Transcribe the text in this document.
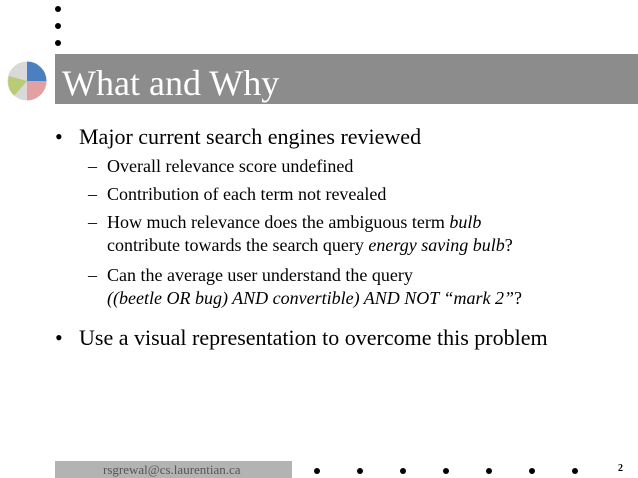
What and Why
• Major current search engines reviewed
– Overall relevance score undefined
– Contribution of each term not revealed
– How much relevance does the ambiguous term bulb
contribute towards the search query energy saving bulb?
– Can the average user understand the query
((beetle OR bug) AND convertible) AND NOT “mark 2”?
• Use a visual representation to overcome this problem
rsgrewal@cs.laurentian.ca	2
